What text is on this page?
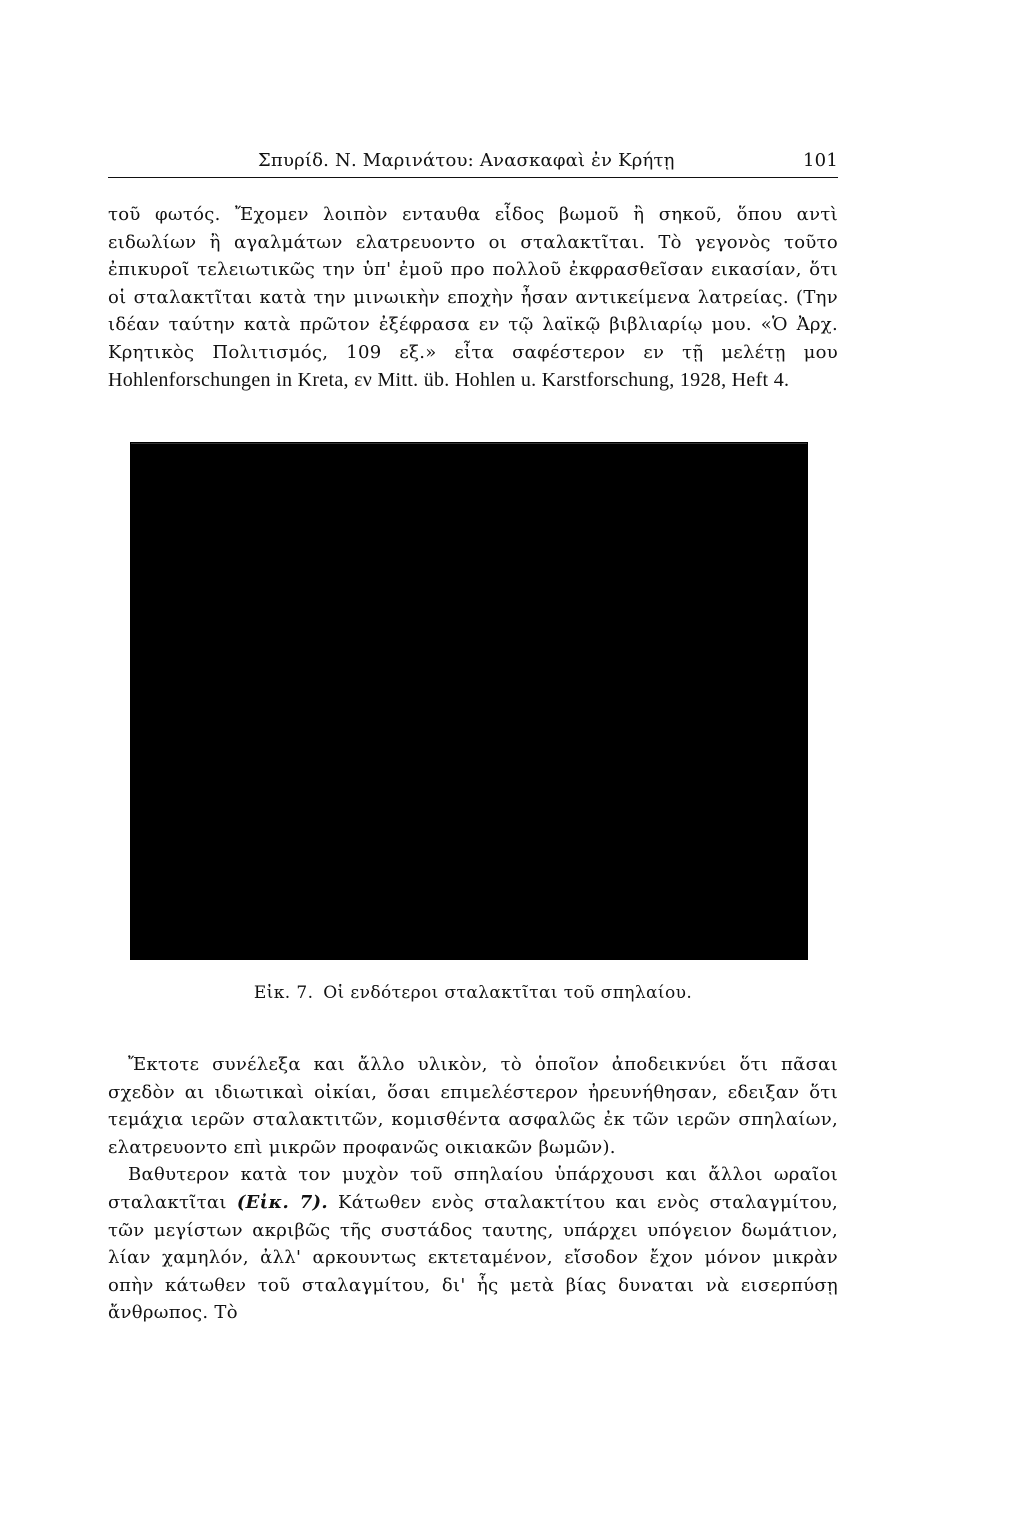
Σπυρίδ. Ν. Μαρινάτου: Ανασκαφαὶ ἐν Κρήτῃ	101

τοῦ φωτός. Ἔχομεν λοιπὸν ενταυθα εἶδος βωμοῦ ἢ σηκοῦ, ὅπου αντὶ ειδωλίων ἢ αγαλμάτων ελατρευοντο οι σταλακτῖται. Τὸ γεγονὸς τοῦτο ἐπικυροῖ τελειωτικῶς την ὑπ' ἐμοῦ προ πολλοῦ ἐκφρασθεῖσαν εικασίαν, ὅτι οἱ σταλακτῖται κατὰ την μινωικὴν εποχὴν ἦσαν αντικείμενα λατρείας. (Την ιδέαν ταύτην κατὰ πρῶτον ἐξέφρασα εν τῷ λαϊκῷ βιβλιαρίῳ μου. «Ὁ Ἀρχ. Κρητικὸς Πολιτισμός, 109 εξ.» εἶτα σαφέστερον εν τῇ μελέτῃ μου Hohlenforschungen in Kreta, εν Mitt. üb. Hohlen u. Karstforschung, 1928, Heft 4.

Εἰκ. 7. Οἱ ενδότεροι σταλακτῖται τοῦ σπηλαίου.

Ἔκτοτε συνέλεξα και ἄλλο υλικὸν, τὸ ὁποῖον ἀποδεικνύει ὅτι πᾶσαι σχεδὸν αι ιδιωτικαὶ οἰκίαι, ὅσαι επιμελέστερον ἠρευνήθησαν, εδειξαν ὅτι τεμάχια ιερῶν σταλακτιτῶν, κομισθέντα ασφαλῶς ἐκ τῶν ιερῶν σπηλαίων, ελατρευοντο επὶ μικρῶν προφανῶς οικιακῶν βωμῶν).

Βαθυτερον κατὰ τον μυχὸν τοῦ σπηλαίου ὑπάρχουσι και ἄλλοι ωραῖοι σταλακτῖται (Εἰκ. 7). Κάτωθεν ενὸς σταλακτίτου και ενὸς σταλαγμίτου, τῶν μεγίστων ακριβῶς τῆς συστάδος ταυτης, υπάρχει υπόγειον δωμάτιον, λίαν χαμηλόν, ἀλλ' αρκουντως εκτεταμένον, εἴσοδον ἔχον μόνον μικρὰν οπὴν κάτωθεν τοῦ σταλαγμίτου, δι' ἧς μετὰ βίας δυναται νὰ εισερπύσῃ ἄνθρωπος. Τὸ
